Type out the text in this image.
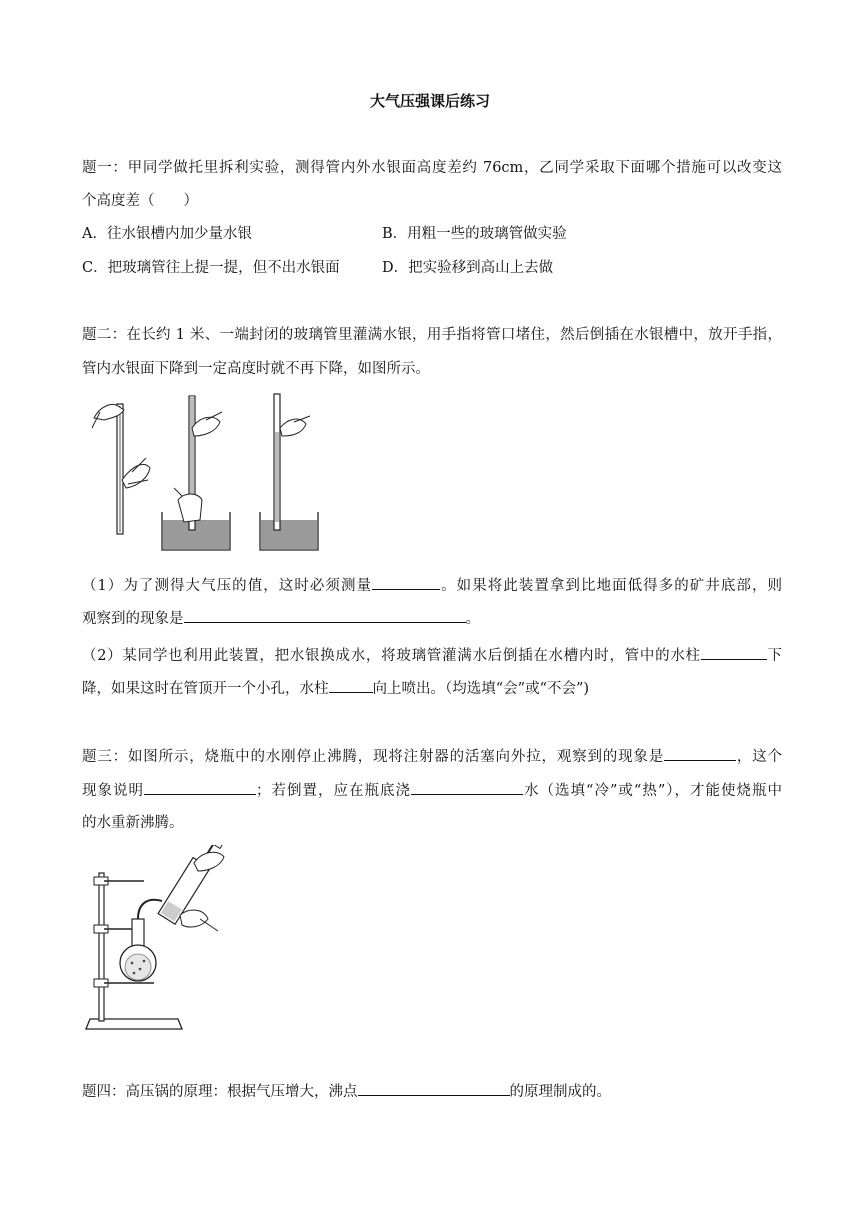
大气压强课后练习
题一：甲同学做托里拆利实验，测得管内外水银面高度差约 76cm，乙同学采取下面哪个措施可以改变这
个高度差（　　）
A．往水银槽内加少量水银	B．用粗一些的玻璃管做实验
C．把玻璃管往上提一提，但不出水银面	D．把实验移到高山上去做
题二：在长约 1 米、一端封闭的玻璃管里灌满水银，用手指将管口堵住，然后倒插在水银槽中，放开手指，
管内水银面下降到一定高度时就不再下降，如图所示。
（1）为了测得大气压的值，这时必须测量	。如果将此装置拿到比地面低得多的矿井底部，则
观察到的现象是	。
（2）某同学也利用此装置，把水银换成水，将玻璃管灌满水后倒插在水槽内时，管中的水柱	下
降，如果这时在管顶开一个小孔，水柱	向上喷出。（均选填“会”或“不会”)
题三：如图所示，烧瓶中的水刚停止沸腾，现将注射器的活塞向外拉，观察到的现象是	，这个
现象说明	；若倒置，应在瓶底浇	水（选填“冷”或“热”），才能使烧瓶中
的水重新沸腾。
题四：高压锅的原理：根据气压增大，沸点	的原理制成的。
